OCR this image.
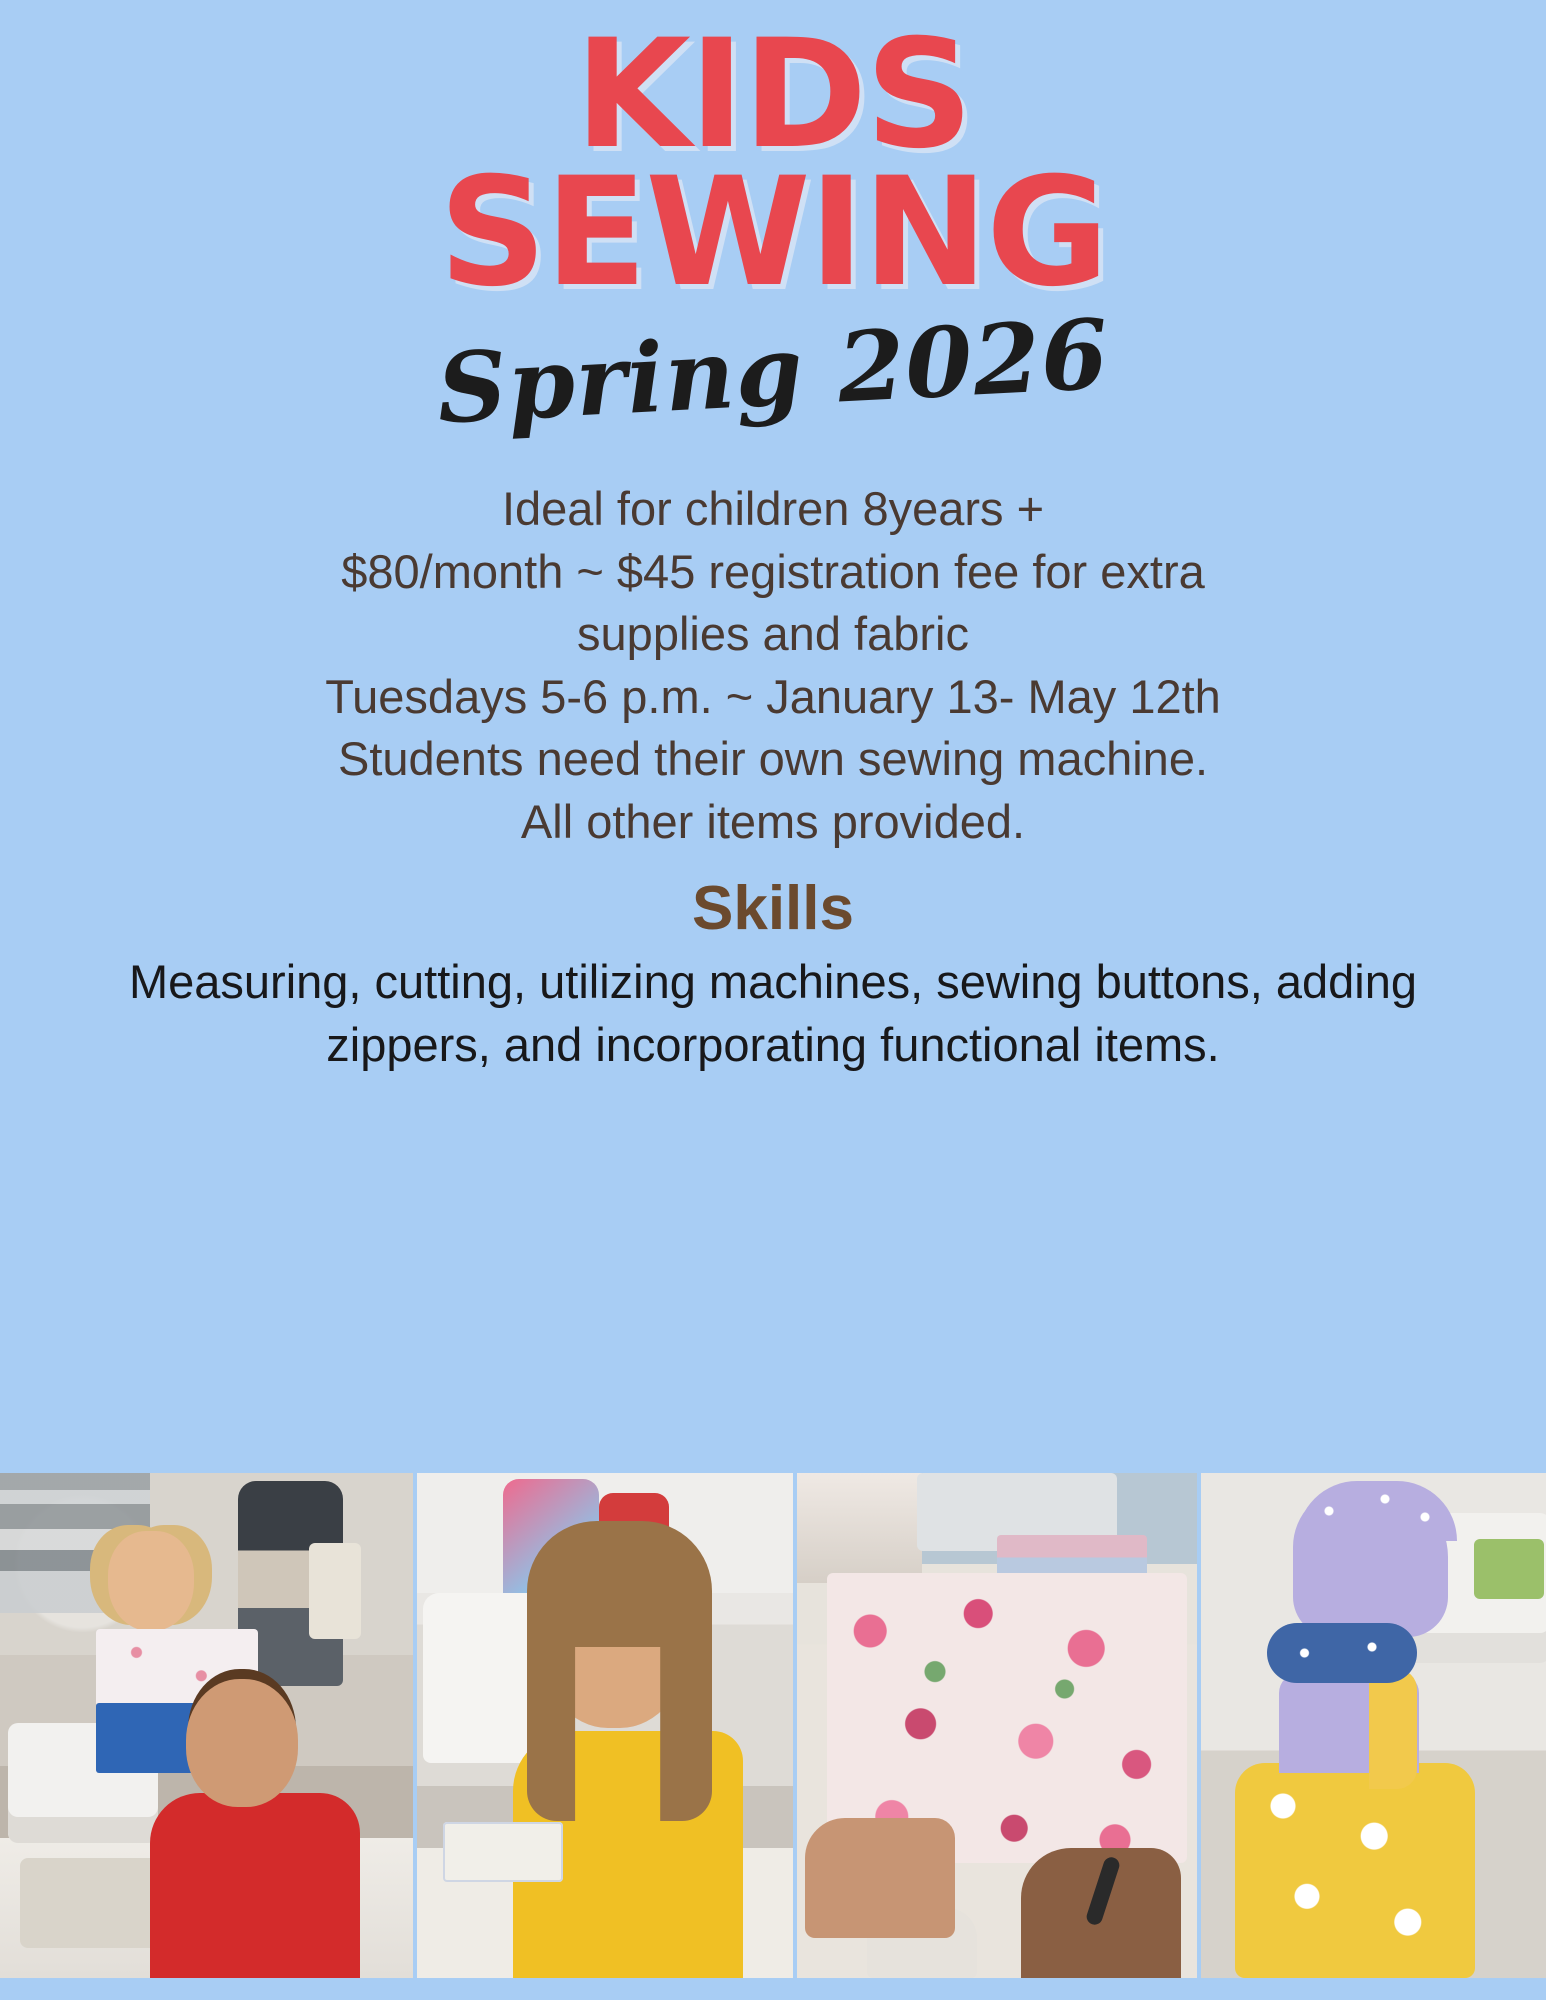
KIDS
SEWING
Spring 2026
Ideal for children 8years +
$80/month ~ $45 registration fee for extra
supplies and fabric
Tuesdays 5-6 p.m. ~ January 13- May 12th
Students need their own sewing machine.
All other items provided.
Skills
Measuring, cutting, utilizing machines, sewing buttons, adding zippers, and incorporating functional items.
